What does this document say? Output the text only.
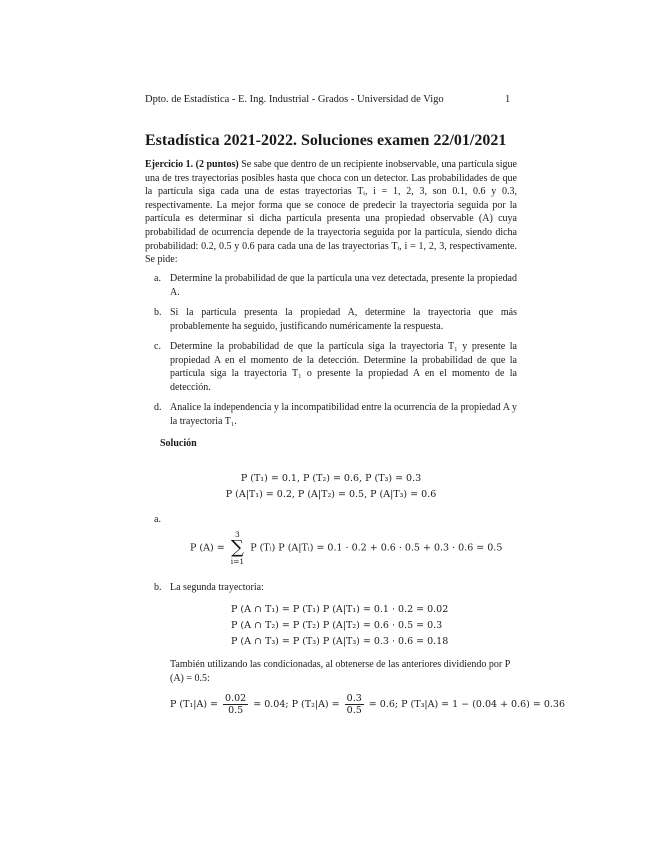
Dpto. de Estadística - E. Ing. Industrial - Grados - Universidad de Vigo	1
Estadística 2021-2022. Soluciones examen 22/01/2021
Ejercicio 1. (2 puntos) Se sabe que dentro de un recipiente inobservable, una partícula sigue una de tres trayectorias posibles hasta que choca con un detector. Las probabilidades de que la partícula siga cada una de estas trayectorias Tᵢ, i = 1, 2, 3, son 0.1, 0.6 y 0.3, respectivamente. La mejor forma que se conoce de predecir la trayectoria seguida por la partícula es determinar si dicha partícula presenta una propiedad observable (A) cuya probabilidad de ocurrencia depende de la trayectoria seguida por la partícula, siendo dicha probabilidad: 0.2, 0.5 y 0.6 para cada una de las trayectorias Tᵢ, i = 1, 2, 3, respectivamente. Se pide:
a. Determine la probabilidad de que la partícula una vez detectada, presente la propiedad A.
b. Si la partícula presenta la propiedad A, determine la trayectoria que más probablemente ha seguido, justificando numéricamente la respuesta.
c. Determine la probabilidad de que la partícula siga la trayectoria T₁ y presente la propiedad A en el momento de la detección. Determine la probabilidad de que la partícula siga la trayectoria T₁ o presente la propiedad A en el momento de la detección.
d. Analice la independencia y la incompatibilidad entre la ocurrencia de la propiedad A y la trayectoria T₁.
Solución
P (T₁) = 0.1, P (T₂) = 0.6, P (T₃) = 0.3
P (A|T₁) = 0.2, P (A|T₂) = 0.5, P (A|T₃) = 0.6
a.
P (A) =
3
∑
i=1
P (Tᵢ) P (A|Tᵢ) = 0.1 · 0.2 + 0.6 · 0.5 + 0.3 · 0.6 = 0.5
b. La segunda trayectoria:
P (A ∩ T₁) = P (T₁) P (A|T₁) = 0.1 · 0.2 = 0.02
P (A ∩ T₂) = P (T₂) P (A|T₂) = 0.6 · 0.5 = 0.3
P (A ∩ T₃) = P (T₃) P (A|T₃) = 0.3 · 0.6 = 0.18
También utilizando las condicionadas, al obtenerse de las anteriores dividiendo por P (A) = 0.5:
P $(T_1|A) = \frac{0.02}{0.5} = 0.04$; P $(T_2|A) = \frac{0.3}{0.5} = 0.6$; P (T₃|A) = 1 − (0.04 + 0.6) = 0.36
